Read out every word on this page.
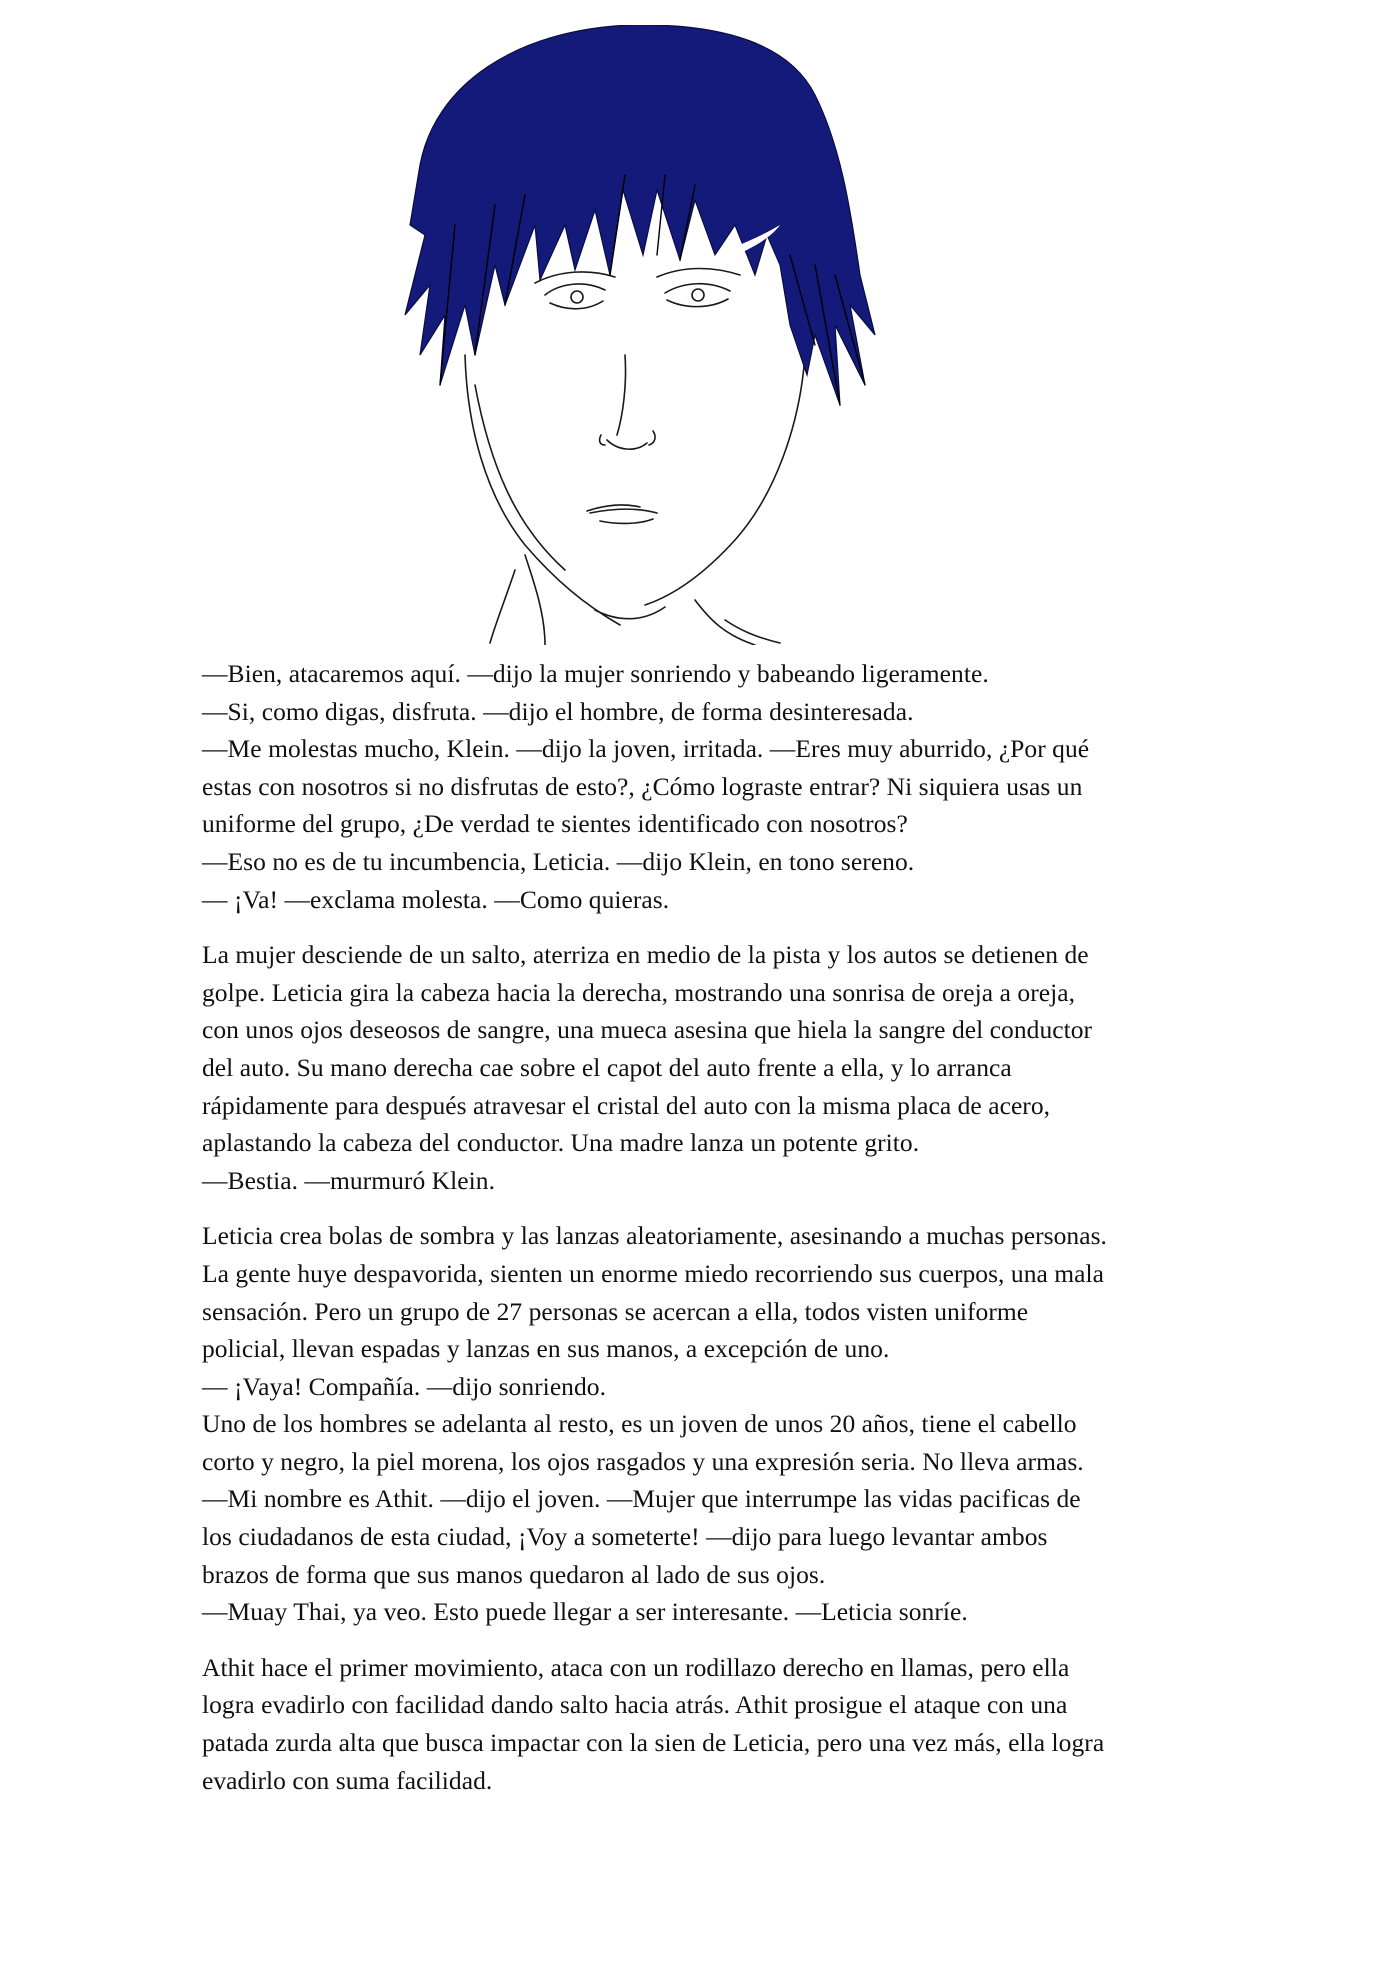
—Bien, atacaremos aquí. —dijo la mujer sonriendo y babeando ligeramente.
—Si, como digas, disfruta. —dijo el hombre, de forma desinteresada.
—Me molestas mucho, Klein. —dijo la joven, irritada. —Eres muy aburrido, ¿Por qué
estas con nosotros si no disfrutas de esto?, ¿Cómo lograste entrar? Ni siquiera usas un
uniforme del grupo, ¿De verdad te sientes identificado con nosotros?
—Eso no es de tu incumbencia, Leticia. —dijo Klein, en tono sereno.
— ¡Va! —exclama molesta. —Como quieras.
La mujer desciende de un salto, aterriza en medio de la pista y los autos se detienen de
golpe. Leticia gira la cabeza hacia la derecha, mostrando una sonrisa de oreja a oreja,
con unos ojos deseosos de sangre, una mueca asesina que hiela la sangre del conductor
del auto. Su mano derecha cae sobre el capot del auto frente a ella, y lo arranca
rápidamente para después atravesar el cristal del auto con la misma placa de acero,
aplastando la cabeza del conductor. Una madre lanza un potente grito.
—Bestia. —murmuró Klein.
Leticia crea bolas de sombra y las lanzas aleatoriamente, asesinando a muchas personas.
La gente huye despavorida, sienten un enorme miedo recorriendo sus cuerpos, una mala
sensación. Pero un grupo de 27 personas se acercan a ella, todos visten uniforme
policial, llevan espadas y lanzas en sus manos, a excepción de uno.
— ¡Vaya! Compañía. —dijo sonriendo.
Uno de los hombres se adelanta al resto, es un joven de unos 20 años, tiene el cabello
corto y negro, la piel morena, los ojos rasgados y una expresión seria. No lleva armas.
—Mi nombre es Athit. —dijo el joven. —Mujer que interrumpe las vidas pacificas de
los ciudadanos de esta ciudad, ¡Voy a someterte! —dijo para luego levantar ambos
brazos de forma que sus manos quedaron al lado de sus ojos.
—Muay Thai, ya veo. Esto puede llegar a ser interesante. —Leticia sonríe.
Athit hace el primer movimiento, ataca con un rodillazo derecho en llamas, pero ella
logra evadirlo con facilidad dando salto hacia atrás. Athit prosigue el ataque con una
patada zurda alta que busca impactar con la sien de Leticia, pero una vez más, ella logra
evadirlo con suma facilidad.
